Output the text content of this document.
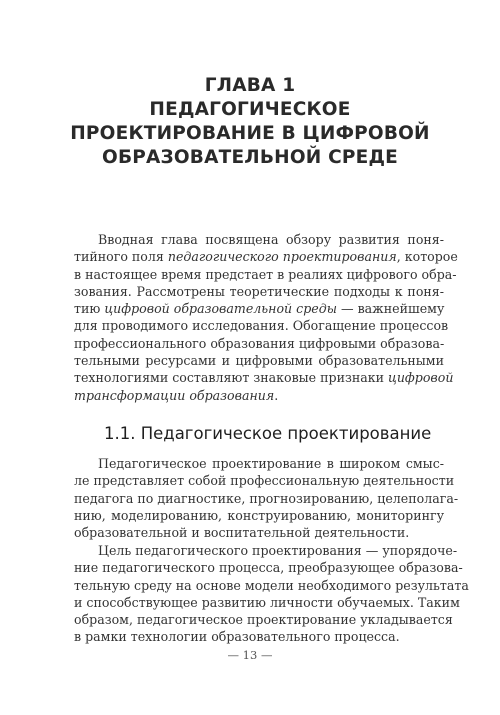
ГЛАВА 1
ПЕДАГОГИЧЕСКОЕ
ПРОЕКТИРОВАНИЕ В ЦИФРОВОЙ
ОБРАЗОВАТЕЛЬНОЙ СРЕДЕ
Вводная глава посвящена обзору развития поня-
тийного поля педагогического проектирования, которое
в настоящее время предстает в реалиях цифрового обра-
зования. Рассмотрены теоретические подходы к поня-
тию цифровой образовательной среды — важнейшему
для проводимого исследования. Обогащение процессов
профессионального образования цифровыми образова-
тельными ресурсами и цифровыми образовательными
технологиями составляют знаковые признаки цифровой
трансформации образования.
1.1. Педагогическое проектирование
Педагогическое проектирование в широком смыс-
ле представляет собой профессиональную деятельности
педагога по диагностике, прогнозированию, целеполага-
нию, моделированию, конструированию, мониторингу
образовательной и воспитательной деятельности.
Цель педагогического проектирования — упорядоче-
ние педагогического процесса, преобразующее образова-
тельную среду на основе модели необходимого результата
и способствующее развитию личности обучаемых. Таким
образом, педагогическое проектирование укладывается
в рамки технологии образовательного процесса.
— 13 —
